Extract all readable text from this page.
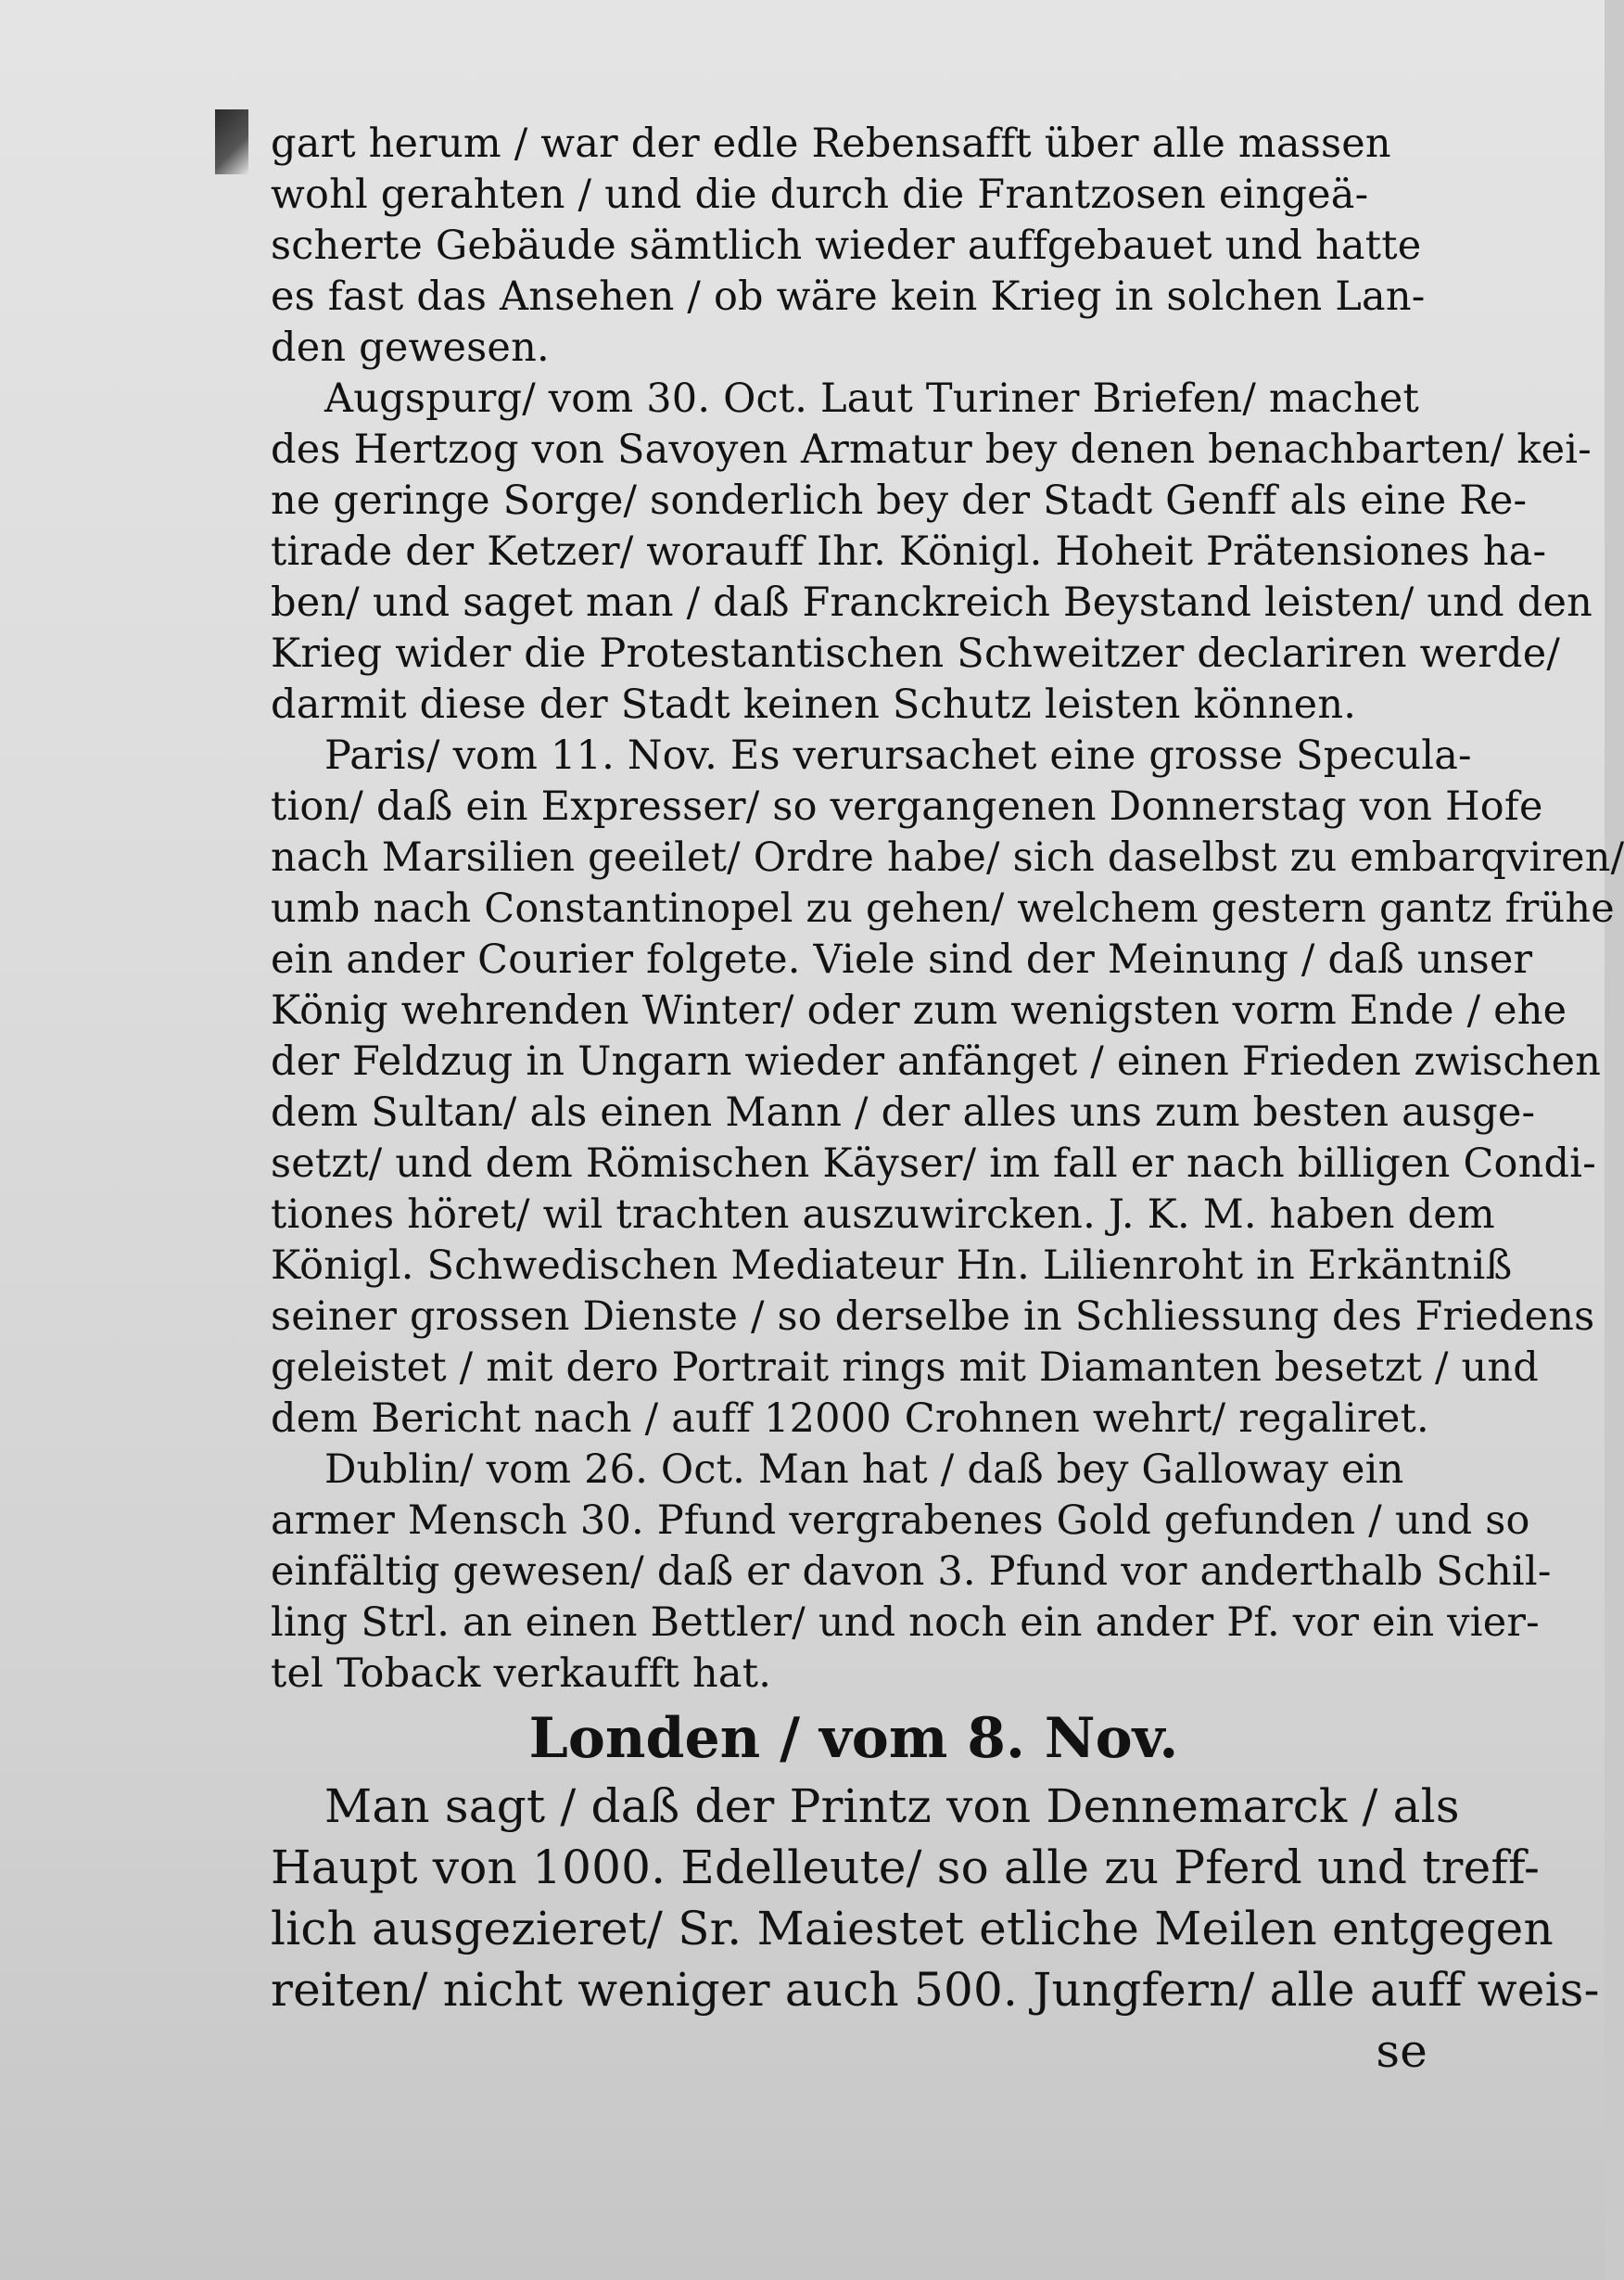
gart herum / war der edle Rebensafft über alle massen
wohl gerahten / und die durch die Frantzosen eingeä-
scherte Gebäude sämtlich wieder auffgebauet und hatte
es fast das Ansehen / ob wäre kein Krieg in solchen Lan-
den gewesen.
Augspurg/ vom 30. Oct. Laut Turiner Briefen/ machet
des Hertzog von Savoyen Armatur bey denen benachbarten/ kei-
ne geringe Sorge/ sonderlich bey der Stadt Genff als eine Re-
tirade der Ketzer/ worauff Ihr. Königl. Hoheit Prätensiones ha-
ben/ und saget man / daß Franckreich Beystand leisten/ und den
Krieg wider die Protestantischen Schweitzer declariren werde/
darmit diese der Stadt keinen Schutz leisten können.
Paris/ vom 11. Nov. Es verursachet eine grosse Specula-
tion/ daß ein Expresser/ so vergangenen Donnerstag von Hofe
nach Marsilien geeilet/ Ordre habe/ sich daselbst zu embarqviren/
umb nach Constantinopel zu gehen/ welchem gestern gantz frühe
ein ander Courier folgete. Viele sind der Meinung / daß unser
König wehrenden Winter/ oder zum wenigsten vorm Ende / ehe
der Feldzug in Ungarn wieder anfänget / einen Frieden zwischen
dem Sultan/ als einen Mann / der alles uns zum besten ausge-
setzt/ und dem Römischen Käyser/ im fall er nach billigen Condi-
tiones höret/ wil trachten auszuwircken. J. K. M. haben dem
Königl. Schwedischen Mediateur Hn. Lilienroht in Erkäntniß
seiner grossen Dienste / so derselbe in Schliessung des Friedens
geleistet / mit dero Portrait rings mit Diamanten besetzt / und
dem Bericht nach / auff 12000 Crohnen wehrt/ regaliret.
Dublin/ vom 26. Oct. Man hat / daß bey Galloway ein
armer Mensch 30. Pfund vergrabenes Gold gefunden / und so
einfältig gewesen/ daß er davon 3. Pfund vor anderthalb Schil-
ling Strl. an einen Bettler/ und noch ein ander Pf. vor ein vier-
tel Toback verkaufft hat.
Londen / vom 8. Nov.
Man sagt / daß der Printz von Dennemarck / als
Haupt von 1000. Edelleute/ so alle zu Pferd und treff-
lich ausgezieret/ Sr. Maiestet etliche Meilen entgegen
reiten/ nicht weniger auch 500. Jungfern/ alle auff weis-
se
